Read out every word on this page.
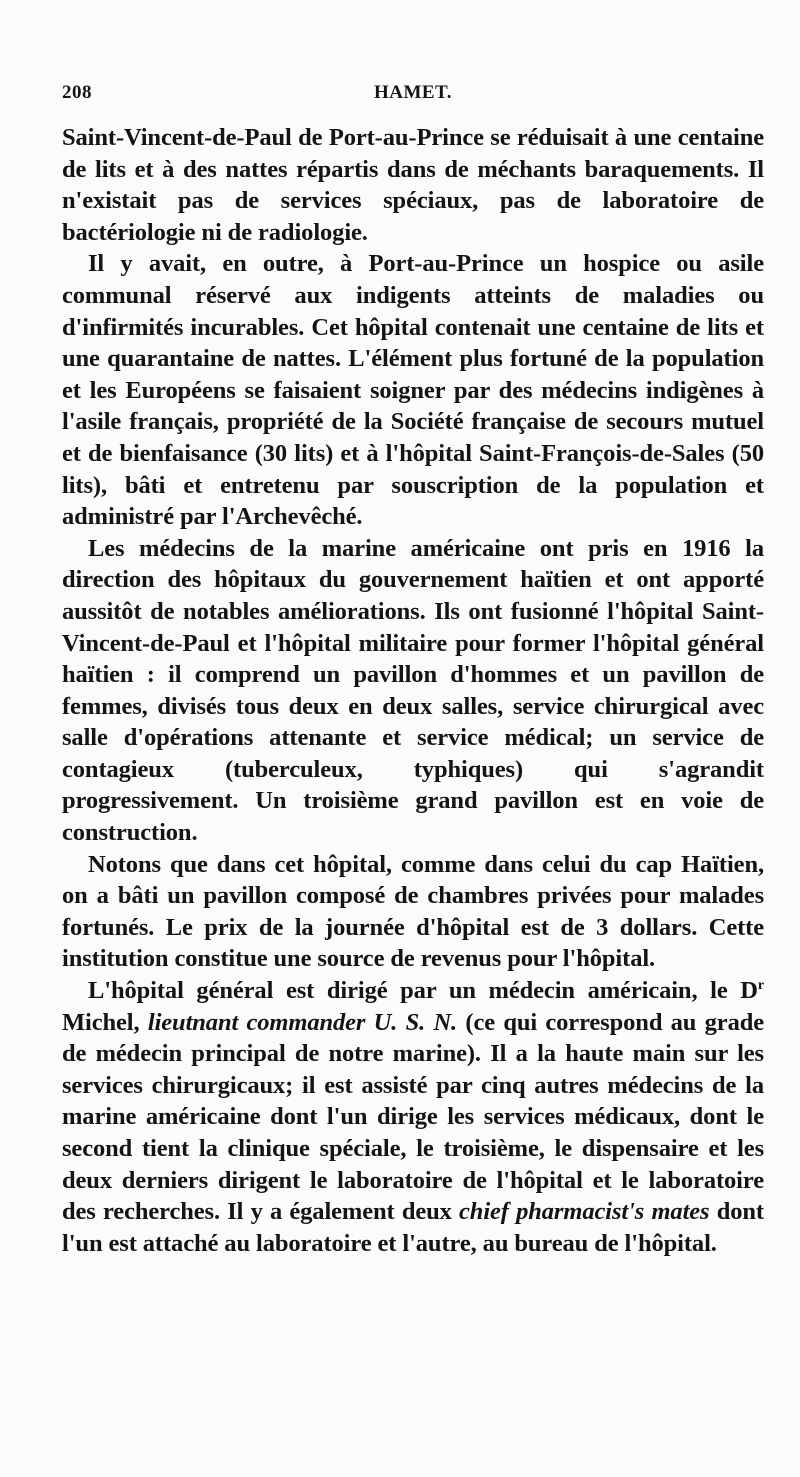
208	HAMET.

Saint-Vincent-de-Paul de Port-au-Prince se réduisait à une centaine de lits et à des nattes répartis dans de méchants baraquements. Il n'existait pas de services spéciaux, pas de laboratoire de bactériologie ni de radiologie.

Il y avait, en outre, à Port-au-Prince un hospice ou asile communal réservé aux indigents atteints de maladies ou d'infirmités incurables. Cet hôpital contenait une centaine de lits et une quarantaine de nattes. L'élément plus fortuné de la population et les Européens se faisaient soigner par des médecins indigènes à l'asile français, propriété de la Société française de secours mutuel et de bienfaisance (30 lits) et à l'hôpital Saint-François-de-Sales (50 lits), bâti et entretenu par souscription de la population et administré par l'Archevêché.

Les médecins de la marine américaine ont pris en 1916 la direction des hôpitaux du gouvernement haïtien et ont apporté aussitôt de notables améliorations. Ils ont fusionné l'hôpital Saint-Vincent-de-Paul et l'hôpital militaire pour former l'hôpital général haïtien : il comprend un pavillon d'hommes et un pavillon de femmes, divisés tous deux en deux salles, service chirurgical avec salle d'opérations attenante et service médical; un service de contagieux (tuberculeux, typhiques) qui s'agrandit progressivement. Un troisième grand pavillon est en voie de construction.

Notons que dans cet hôpital, comme dans celui du cap Haïtien, on a bâti un pavillon composé de chambres privées pour malades fortunés. Le prix de la journée d'hôpital est de 3 dollars. Cette institution constitue une source de revenus pour l'hôpital.

L'hôpital général est dirigé par un médecin américain, le $D^r$ Michel, lieutnant commander U. S. N. (ce qui correspond au grade de médecin principal de notre marine). Il a la haute main sur les services chirurgicaux; il est assisté par cinq autres médecins de la marine américaine dont l'un dirige les services médicaux, dont le second tient la clinique spéciale, le troisième, le dispensaire et les deux derniers dirigent le laboratoire de l'hôpital et le laboratoire des recherches. Il y a également deux chief pharmacist's mates dont l'un est attaché au laboratoire et l'autre, au bureau de l'hôpital.
